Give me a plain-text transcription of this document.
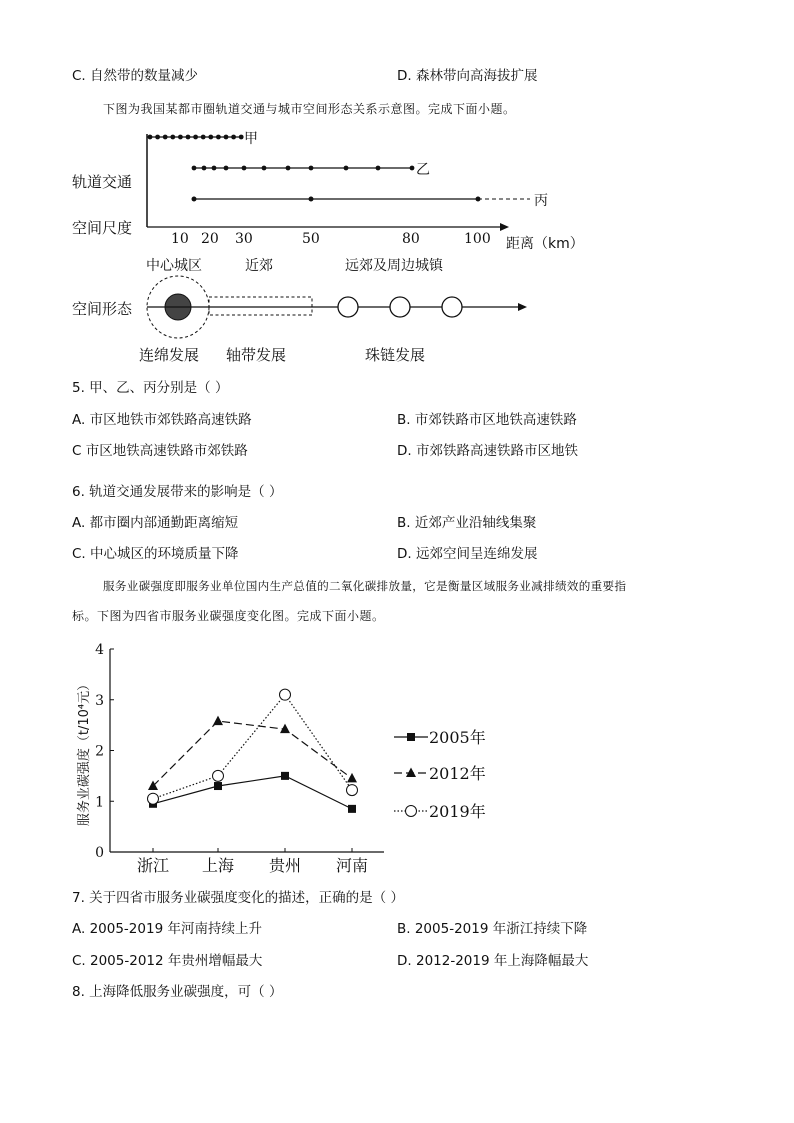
C. 自然带的数量减少	D. 森林带向高海拔扩展
下图为我国某都市圈轨道交通与城市空间形态关系示意图。完成下面小题。
甲
乙
丙
轨道交通
空间尺度
空间形态
10 20 30	50	80	100 距离（km）
中心城区	近郊	远郊及周边城镇
连绵发展 轴带发展	珠链发展
5. 甲、乙、丙分别是（ ）
A. 市区地铁市郊铁路高速铁路	B. 市郊铁路市区地铁高速铁路
C 市区地铁高速铁路市郊铁路	D. 市郊铁路高速铁路市区地铁
6. 轨道交通发展带来的影响是（ ）
A. 都市圈内部通勤距离缩短	B. 近郊产业沿轴线集聚
C. 中心城区的环境质量下降	D. 远郊空间呈连绵发展
服务业碳强度即服务业单位国内生产总值的二氧化碳排放量，它是衡量区域服务业减排绩效的重要指
标。下图为四省市服务业碳强度变化图。完成下面小题。
服务业碳强度（t/10⁴元）
0
1
2
3
4
浙江 上海 贵州 河南
2005年
2012年
2019年
7. 关于四省市服务业碳强度变化的描述，正确的是（ ）
A. 2005-2019 年河南持续上升	B. 2005-2019 年浙江持续下降
C. 2005-2012 年贵州增幅最大	D. 2012-2019 年上海降幅最大
8. 上海降低服务业碳强度，可（ ）
